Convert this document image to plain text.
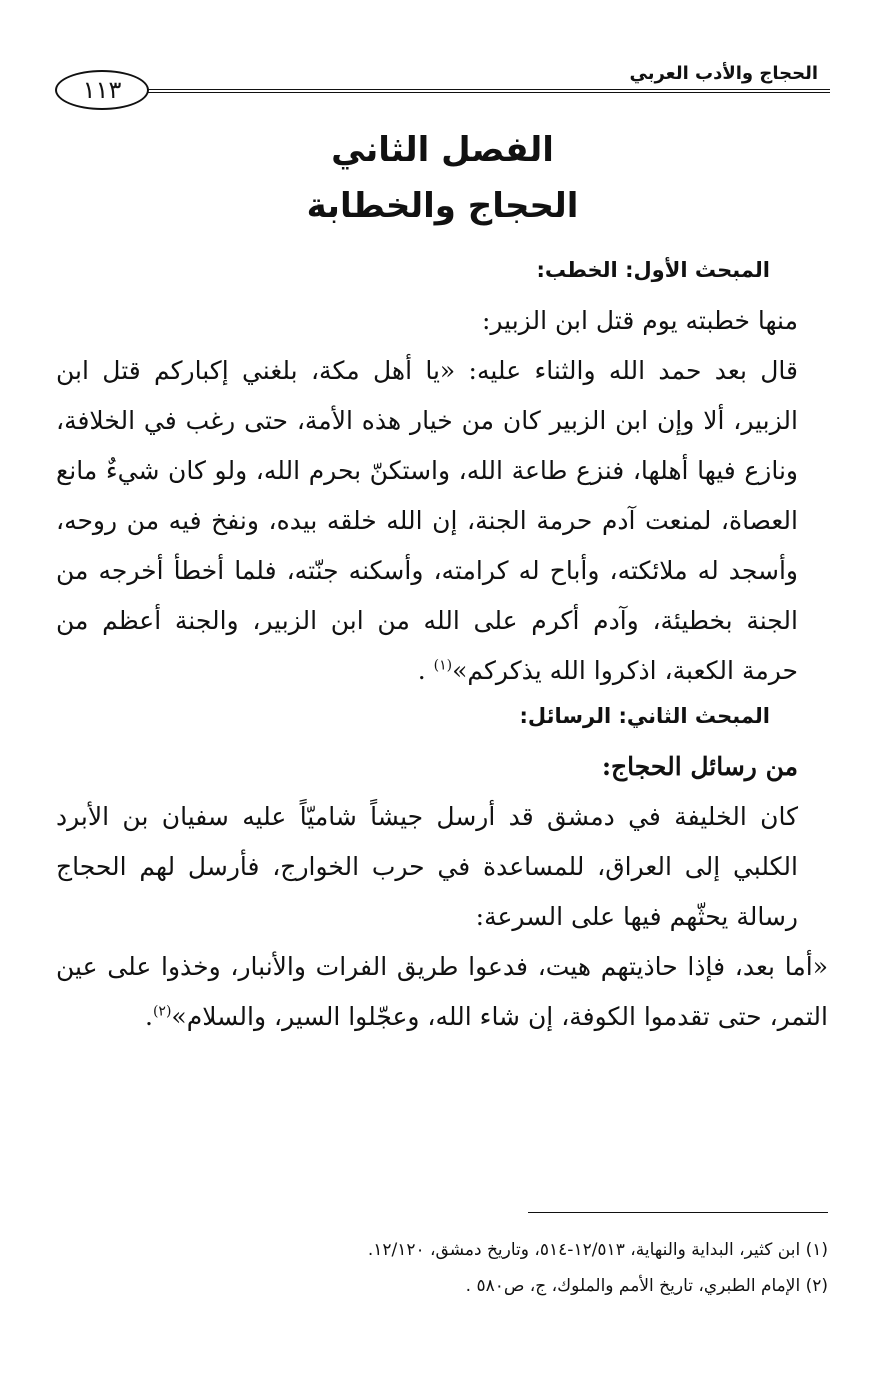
الحجاج والأدب العربي
١١٣
الفصل الثاني
الحجاج والخطابة

المبحث الأول: الخطب:

منها خطبته يوم قتل ابن الزبير:

قال بعد حمد الله والثناء عليه: «يا أهل مكة، بلغني إكباركم قتل ابن الزبير، ألا وإن ابن الزبير كان من خيار هذه الأمة، حتى رغب في الخلافة، ونازع فيها أهلها، فنزع طاعة الله، واستكنّ بحرم الله، ولو كان شيءٌ مانع العصاة، لمنعت آدم حرمة الجنة، إن الله خلقه بيده، ونفخ فيه من روحه، وأسجد له ملائكته، وأباح له كرامته، وأسكنه جنّته، فلما أخطأ أخرجه من الجنة بخطيئة، وآدم أكرم على الله من ابن الزبير، والجنة أعظم من حرمة الكعبة، اذكروا الله يذكركم»$^{(١)}$ .

المبحث الثاني: الرسائل:

من رسائل الحجاج:

كان الخليفة في دمشق قد أرسل جيشاً شاميّاً عليه سفيان بن الأبرد الكلبي إلى العراق، للمساعدة في حرب الخوارج، فأرسل لهم الحجاج رسالة يحثّهم فيها على السرعة:

«أما بعد، فإذا حاذيتهم هيت، فدعوا طريق الفرات والأنبار، وخذوا على عين التمر، حتى تقدموا الكوفة، إن شاء الله، وعجّلوا السير، والسلام»$^{(٢)}$.

(١) ابن كثير، البداية والنهاية، ١٢/٥١٣-٥١٤، وتاريخ دمشق، ١٢/١٢٠.
(٢) الإمام الطبري، تاريخ الأمم والملوك، ج، ص٥٨٠ .
